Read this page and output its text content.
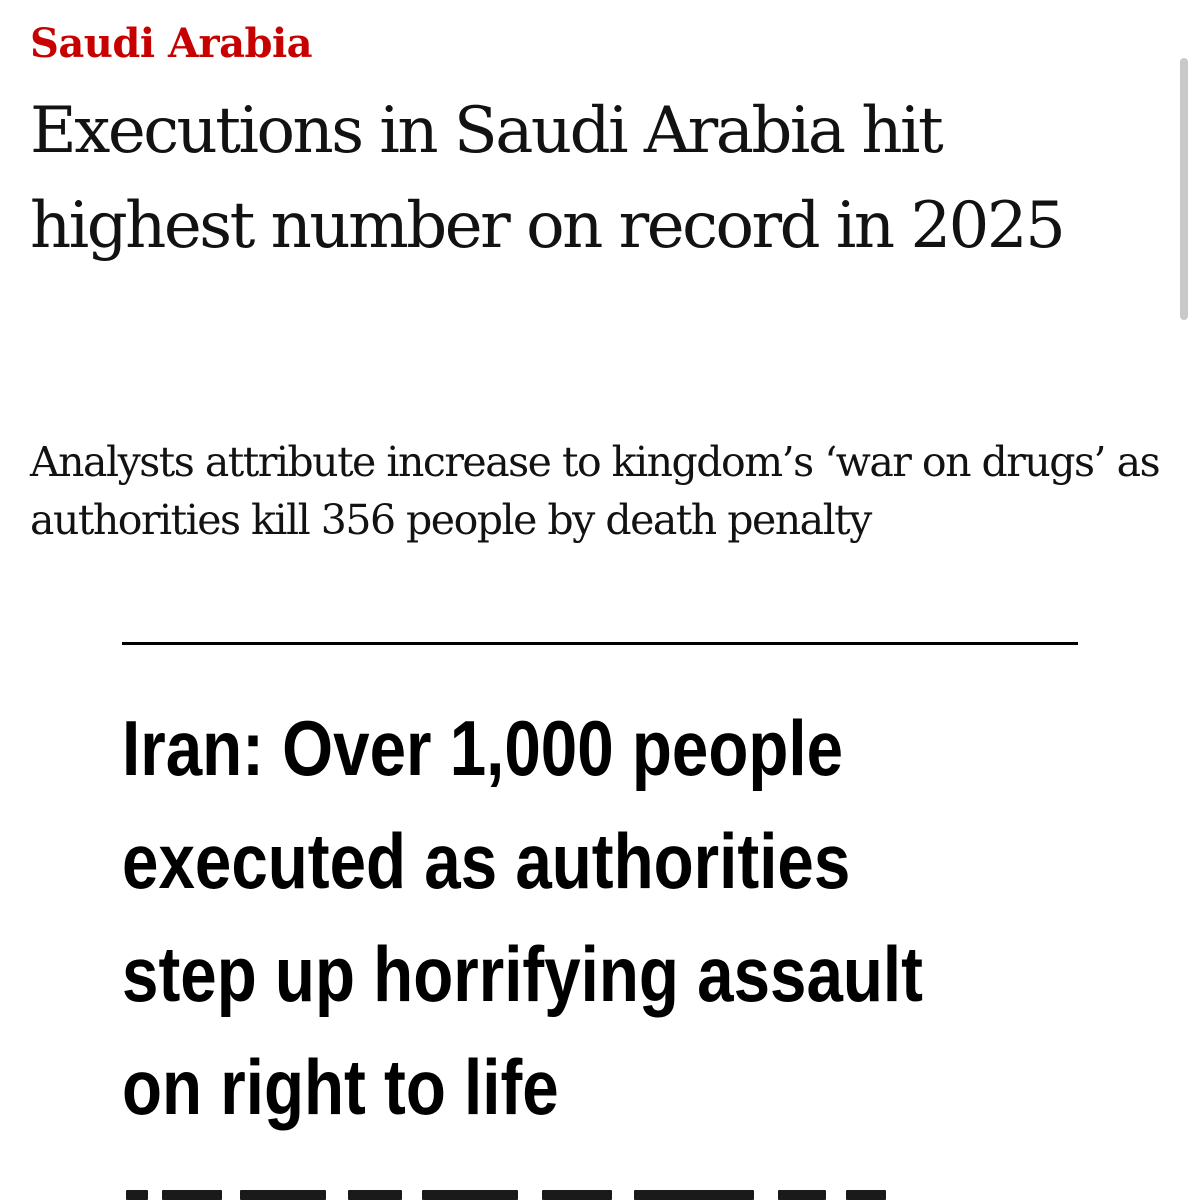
Saudi Arabia

Executions in Saudi Arabia hit highest number on record in 2025

Analysts attribute increase to kingdom’s ‘war on drugs’ as authorities kill 356 people by death penalty

Iran: Over 1,000 people executed as authorities step up horrifying assault on right to life
